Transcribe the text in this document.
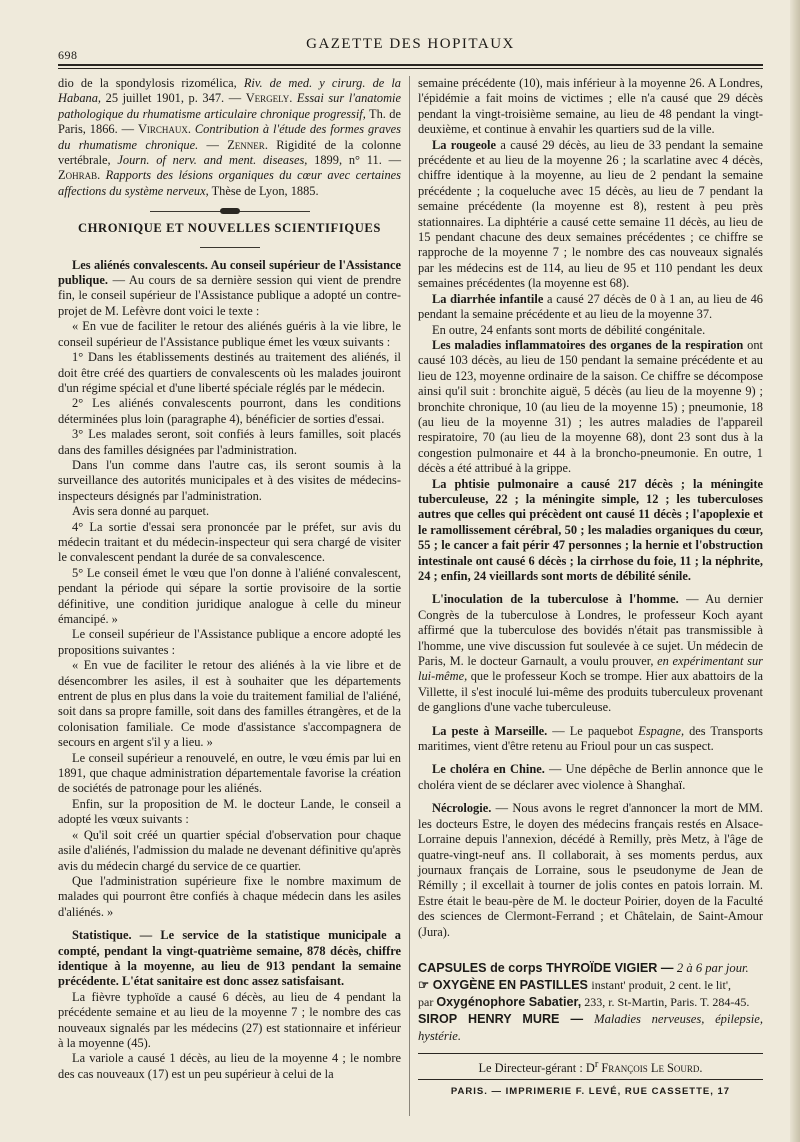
698
GAZETTE DES HOPITAUX

dio de la spondylosis rizomélica, Riv. de med. y cirurg. de la Habana, 25 juillet 1901, p. 347. — Vergely. Essai sur l'anatomie pathologique du rhumatisme articulaire chronique progressif, Th. de Paris, 1866. — Virchaux. Contribution à l'étude des formes graves du rhumatisme chronique. — Zenner. Rigidité de la colonne vertébrale, Journ. of nerv. and ment. diseases, 1899, n° 11. — Zohrab. Rapports des lésions organiques du cœur avec certaines affections du système nerveux, Thèse de Lyon, 1885.

CHRONIQUE ET NOUVELLES SCIENTIFIQUES

Les aliénés convalescents. Au conseil supérieur de l'Assistance publique. — Au cours de sa dernière session qui vient de prendre fin, le conseil supérieur de l'Assistance publique a adopté un contre-projet de M. Lefèvre dont voici le texte :

« En vue de faciliter le retour des aliénés guéris à la vie libre, le conseil supérieur de l'Assistance publique émet les vœux suivants :

1° Dans les établissements destinés au traitement des aliénés, il doit être créé des quartiers de convalescents où les malades jouiront d'un régime spécial et d'une liberté spéciale réglés par le médecin.

2° Les aliénés convalescents pourront, dans les conditions déterminées plus loin (paragraphe 4), bénéficier de sorties d'essai.

3° Les malades seront, soit confiés à leurs familles, soit placés dans des familles désignées par l'administration.

Dans l'un comme dans l'autre cas, ils seront soumis à la surveillance des autorités municipales et à des visites de médecins-inspecteurs désignés par l'administration.

Avis sera donné au parquet.

4° La sortie d'essai sera prononcée par le préfet, sur avis du médecin traitant et du médecin-inspecteur qui sera chargé de visiter le convalescent pendant la durée de sa convalescence.

5° Le conseil émet le vœu que l'on donne à l'aliéné convalescent, pendant la période qui sépare la sortie provisoire de la sortie définitive, une condition juridique analogue à celle du mineur émancipé. »

Le conseil supérieur de l'Assistance publique a encore adopté les propositions suivantes :

« En vue de faciliter le retour des aliénés à la vie libre et de désencombrer les asiles, il est à souhaiter que les départements entrent de plus en plus dans la voie du traitement familial de l'aliéné, soit dans sa propre famille, soit dans des familles étrangères, et de la colonisation familiale. Ce mode d'assistance s'accompagnera de secours en argent s'il y a lieu. »

Le conseil supérieur a renouvelé, en outre, le vœu émis par lui en 1891, que chaque administration départementale favorise la création de sociétés de patronage pour les aliénés.

Enfin, sur la proposition de M. le docteur Lande, le conseil a adopté les vœux suivants :

« Qu'il soit créé un quartier spécial d'observation pour chaque asile d'aliénés, l'admission du malade ne devenant définitive qu'après avis du médecin chargé du service de ce quartier.

Que l'administration supérieure fixe le nombre maximum de malades qui pourront être confiés à chaque médecin dans les asiles d'aliénés. »

Statistique. — Le service de la statistique municipale a compté, pendant la vingt-quatrième semaine, 878 décès, chiffre identique à la moyenne, au lieu de 913 pendant la semaine précédente. L'état sanitaire est donc assez satisfaisant.

La fièvre typhoïde a causé 6 décès, au lieu de 4 pendant la précédente semaine et au lieu de la moyenne 7 ; le nombre des cas nouveaux signalés par les médecins (27) est stationnaire et inférieur à la moyenne (45).

La variole a causé 1 décès, au lieu de la moyenne 4 ; le nombre des cas nouveaux (17) est un peu supérieur à celui de la

semaine précédente (10), mais inférieur à la moyenne 26. A Londres, l'épidémie a fait moins de victimes ; elle n'a causé que 29 décès pendant la vingt-troisième semaine, au lieu de 48 pendant la vingt-deuxième, et continue à envahir les quartiers sud de la ville.

La rougeole a causé 29 décès, au lieu de 33 pendant la semaine précédente et au lieu de la moyenne 26 ; la scarlatine avec 4 décès, chiffre identique à la moyenne, au lieu de 2 pendant la semaine précédente ; la coqueluche avec 15 décès, au lieu de 7 pendant la semaine précédente (la moyenne est 8), restent à peu près stationnaires. La diphtérie a causé cette semaine 11 décès, au lieu de 15 pendant chacune des deux semaines précédentes ; ce chiffre se rapproche de la moyenne 7 ; le nombre des cas nouveaux signalés par les médecins est de 114, au lieu de 95 et 110 pendant les deux semaines précédentes (la moyenne est 68).

La diarrhée infantile a causé 27 décès de 0 à 1 an, au lieu de 46 pendant la semaine précédente et au lieu de la moyenne 37.

En outre, 24 enfants sont morts de débilité congénitale.

Les maladies inflammatoires des organes de la respiration ont causé 103 décès, au lieu de 150 pendant la semaine précédente et au lieu de 123, moyenne ordinaire de la saison. Ce chiffre se décompose ainsi qu'il suit : bronchite aiguë, 5 décès (au lieu de la moyenne 9) ; bronchite chronique, 10 (au lieu de la moyenne 15) ; pneumonie, 18 (au lieu de la moyenne 31) ; les autres maladies de l'appareil respiratoire, 70 (au lieu de la moyenne 68), dont 23 sont dus à la congestion pulmonaire et 44 à la broncho-pneumonie. En outre, 1 décès a été attribué à la grippe.

La phtisie pulmonaire a causé 217 décès ; la méningite tuberculeuse, 22 ; la méningite simple, 12 ; les tuberculoses autres que celles qui précèdent ont causé 11 décès ; l'apoplexie et le ramollissement cérébral, 50 ; les maladies organiques du cœur, 55 ; le cancer a fait périr 47 personnes ; la hernie et l'obstruction intestinale ont causé 6 décès ; la cirrhose du foie, 11 ; la néphrite, 24 ; enfin, 24 vieillards sont morts de débilité sénile.

L'inoculation de la tuberculose à l'homme. — Au dernier Congrès de la tuberculose à Londres, le professeur Koch ayant affirmé que la tuberculose des bovidés n'était pas transmissible à l'homme, une vive discussion fut soulevée à ce sujet. Un médecin de Paris, M. le docteur Garnault, a voulu prouver, en expérimentant sur lui-même, que le professeur Koch se trompe. Hier aux abattoirs de la Villette, il s'est inoculé lui-même des produits tuberculeux provenant de ganglions d'une vache tuberculeuse.

La peste à Marseille. — Le paquebot Espagne, des Transports maritimes, vient d'être retenu au Frioul pour un cas suspect.

Le choléra en Chine. — Une dépêche de Berlin annonce que le choléra vient de se déclarer avec violence à Shanghaï.

Nécrologie. — Nous avons le regret d'annoncer la mort de MM. les docteurs Estre, le doyen des médecins français restés en Alsace-Lorraine depuis l'annexion, décédé à Remilly, près Metz, à l'âge de quatre-vingt-neuf ans. Il collaborait, à ses moments perdus, aux journaux français de Lorraine, sous le pseudonyme de Jean de Rémilly ; il excellait à tourner de jolis contes en patois lorrain. M. Estre était le beau-père de M. le docteur Poirier, doyen de la Faculté des sciences de Clermont-Ferrand ; et Châtelain, de Saint-Amour (Jura).

CAPSULES de corps THYROÏDE VIGIER — 2 à 6 par jour.

☞ OXYGÈNE EN PASTILLES instant' produit, 2 cent. le lit',

par Oxygénophore Sabatier, 233, r. St-Martin, Paris. T. 284-45.

SIROP HENRY MURE — Maladies nerveuses, épilepsie, hystérie.

Le Directeur-gérant : $D^r$ François Le Sourd.

PARIS. — IMPRIMERIE F. LEVÉ, RUE CASSETTE, 17
